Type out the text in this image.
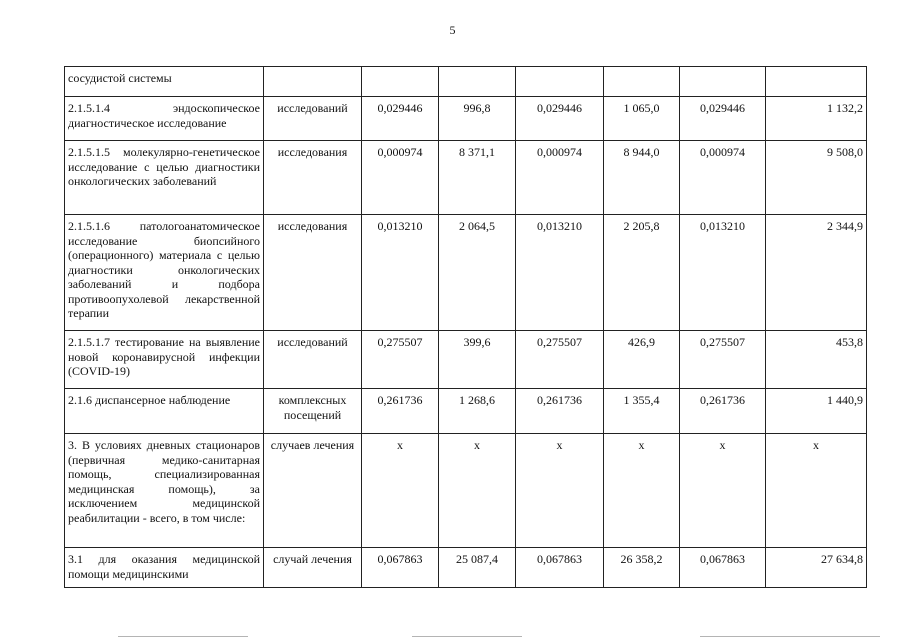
5
сосудистой системы							
2.1.5.1.4 эндоскопическое диагностическое исследование	исследований	0,029446	996,8	0,029446	1 065,0	0,029446	1 132,2
2.1.5.1.5 молекулярно-генетическое исследование с целью диагностики онкологических заболеваний	исследования	0,000974	8 371,1	0,000974	8 944,0	0,000974	9 508,0
2.1.5.1.6 патологоанатомическое исследование биопсийного (операционного) материала с целью диагностики онкологических заболеваний и подбора противоопухолевой лекарственной терапии	исследования	0,013210	2 064,5	0,013210	2 205,8	0,013210	2 344,9
2.1.5.1.7 тестирование на выявление новой коронавирусной инфекции (COVID-19)	исследований	0,275507	399,6	0,275507	426,9	0,275507	453,8
2.1.6 диспансерное наблюдение	комплексных посещений	0,261736	1 268,6	0,261736	1 355,4	0,261736	1 440,9
3. В условиях дневных стационаров (первичная медико-санитарная помощь, специализированная медицинская помощь), за исключением медицинской реабилитации - всего, в том числе:	случаев лечения	х	х	х	х	х	х
3.1 для оказания медицинской помощи медицинскими	случай лечения	0,067863	25 087,4	0,067863	26 358,2	0,067863	27 634,8
